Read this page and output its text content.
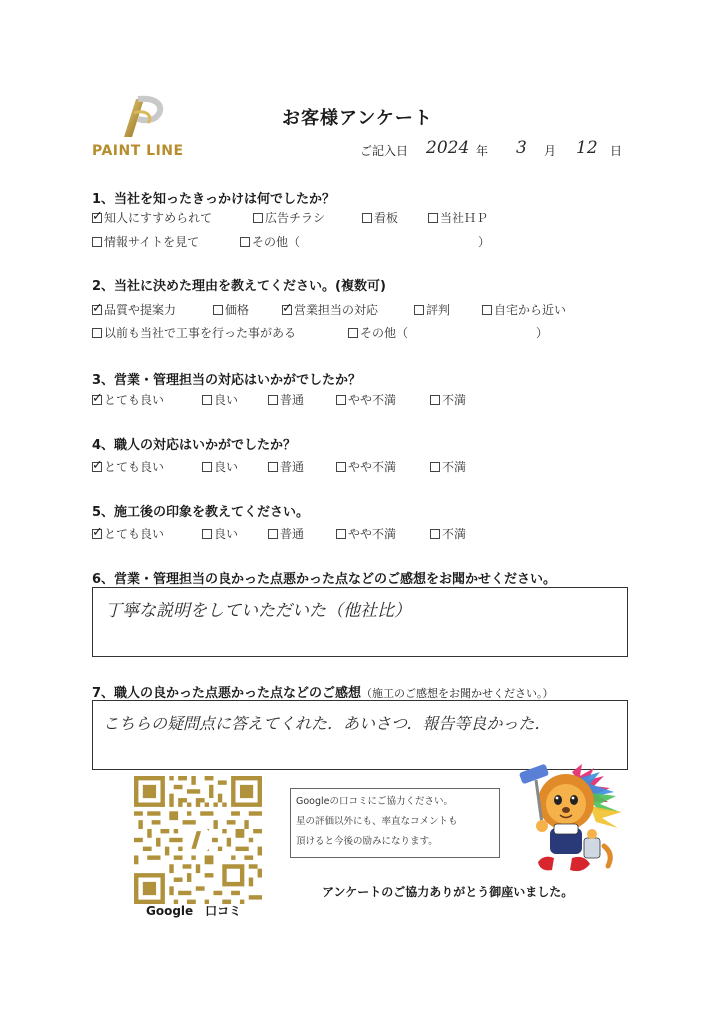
PAINT LINE
お客様アンケート
ご記入日 2024 年 3 月 12 日
1、当社を知ったきっかけは何でしたか？
✓
知人にすすめられて	広告チラシ	看板	当社ＨＰ
情報サイトを見て	その他（	）
2、当社に決めた理由を教えてください。(複数可)
✓
品質や提案力	価格
✓	営業担当の対応	評判	自宅から近い
以前も当社で工事を行った事がある	その他（	）
3、営業・管理担当の対応はいかがでしたか？
✓
とても良い	良い	普通	やや不満	不満
4、職人の対応はいかがでしたか？
✓
とても良い	良い	普通	やや不満	不満
5、施工後の印象を教えてください。
✓
とても良い	良い	普通	やや不満	不満
6、営業・管理担当の良かった点悪かった点などのご感想をお聞かせください。
丁寧な説明をしていただいた（他社比）
7、職人の良かった点悪かった点などのご感想（施工のご感想をお聞かせください。）
こちらの疑問点に答えてくれた．あいさつ．報告等良かった．
Google　口コミ
Googleの口コミにご協力ください。
星の評価以外にも、率直なコメントも
頂けると今後の励みになります。
アンケートのご協力ありがとう御座いました。
